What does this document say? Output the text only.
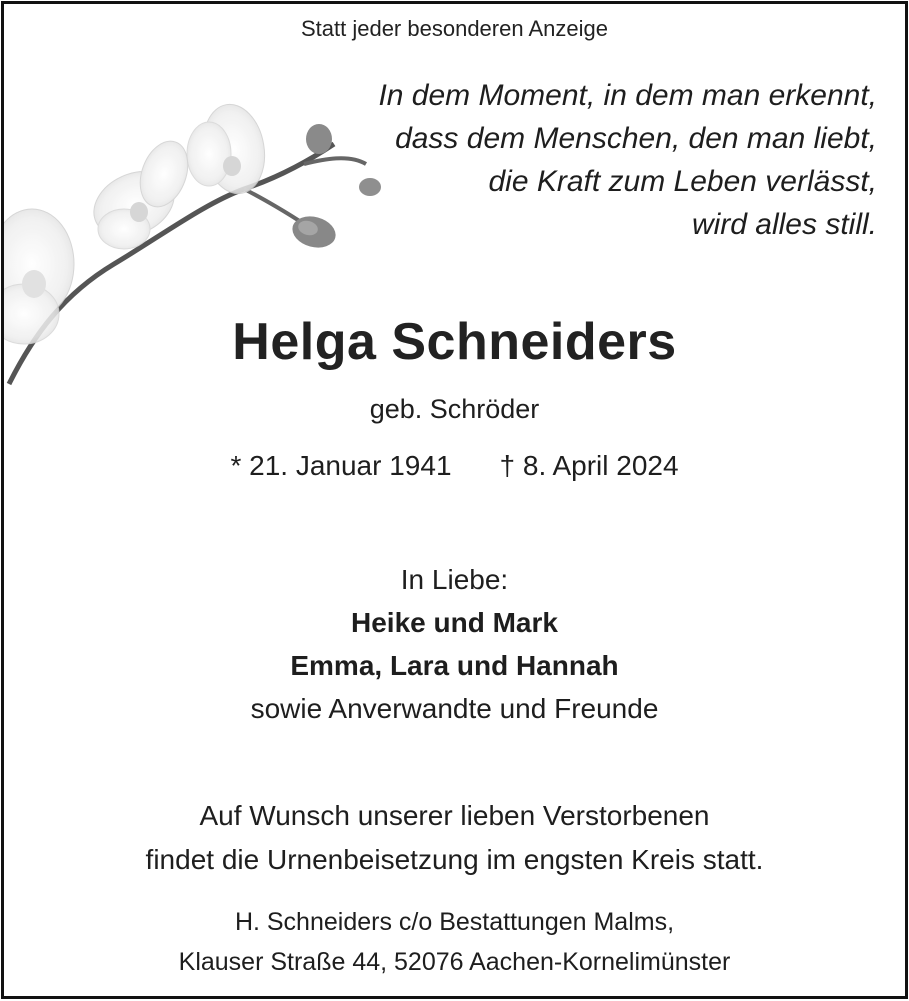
Statt jeder besonderen Anzeige
In dem Moment, in dem man erkennt,
dass dem Menschen, den man liebt,
die Kraft zum Leben verlässt,
wird alles still.
Helga Schneiders
geb. Schröder
* 21. Januar 1941 † 8. April 2024
In Liebe:
Heike und Mark
Emma, Lara und Hannah
sowie Anverwandte und Freunde
Auf Wunsch unserer lieben Verstorbenen
findet die Urnenbeisetzung im engsten Kreis statt.
H. Schneiders c/o Bestattungen Malms,
Klauser Straße 44, 52076 Aachen-Kornelimünster
